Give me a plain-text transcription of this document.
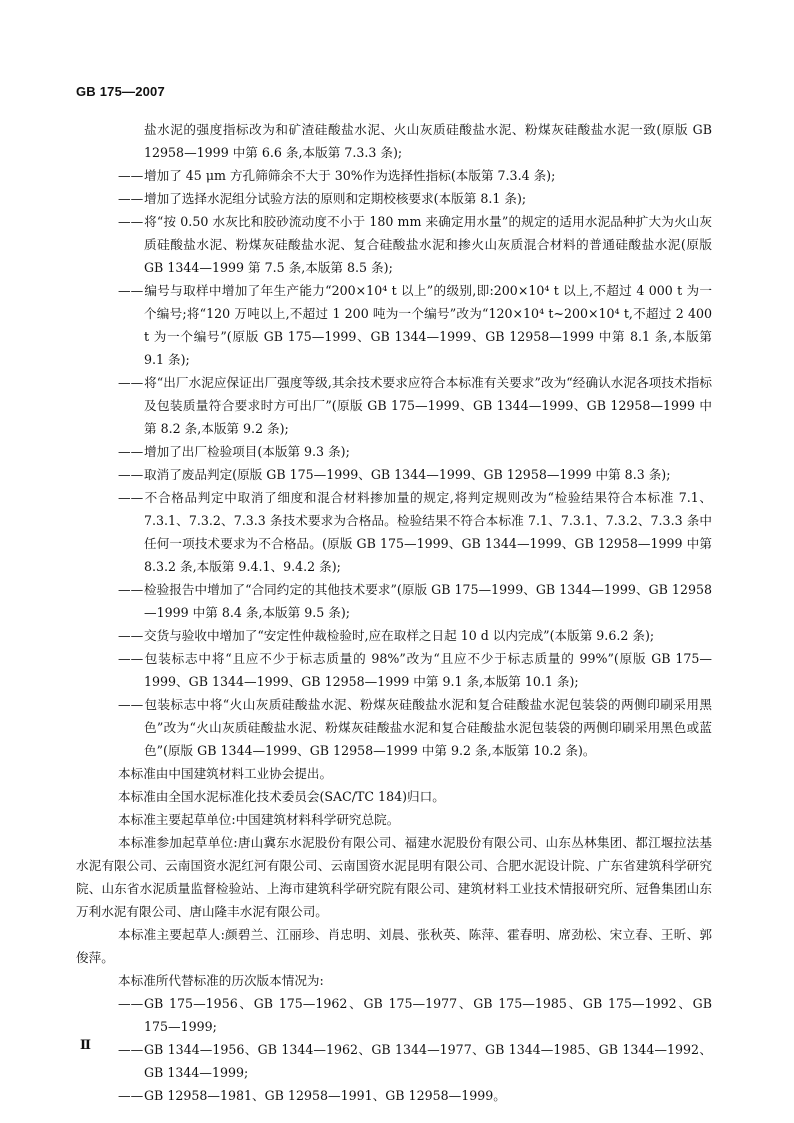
GB 175—2007

盐水泥的强度指标改为和矿渣硅酸盐水泥、火山灰质硅酸盐水泥、粉煤灰硅酸盐水泥一致(原版 GB 12958—1999 中第 6.6 条,本版第 7.3.3 条);

——增加了 45 μm 方孔筛筛余不大于 30%作为选择性指标(本版第 7.3.4 条);

——增加了选择水泥组分试验方法的原则和定期校核要求(本版第 8.1 条);

——将“按 0.50 水灰比和胶砂流动度不小于 180 mm 来确定用水量”的规定的适用水泥品种扩大为火山灰质硅酸盐水泥、粉煤灰硅酸盐水泥、复合硅酸盐水泥和掺火山灰质混合材料的普通硅酸盐水泥(原版 GB 1344—1999 第 7.5 条,本版第 8.5 条);

——编号与取样中增加了年生产能力“200×10⁴ t 以上”的级别,即:200×10⁴ t 以上,不超过 4 000 t 为一个编号;将“120 万吨以上,不超过 1 200 吨为一个编号”改为“120×10⁴ t~200×10⁴ t,不超过 2 400 t 为一个编号”(原版 GB 175—1999、GB 1344—1999、GB 12958—1999 中第 8.1 条,本版第 9.1 条);

——将“出厂水泥应保证出厂强度等级,其余技术要求应符合本标准有关要求”改为“经确认水泥各项技术指标及包装质量符合要求时方可出厂”(原版 GB 175—1999、GB 1344—1999、GB 12958—1999 中第 8.2 条,本版第 9.2 条);

——增加了出厂检验项目(本版第 9.3 条);

——取消了废品判定(原版 GB 175—1999、GB 1344—1999、GB 12958—1999 中第 8.3 条);

——不合格品判定中取消了细度和混合材料掺加量的规定,将判定规则改为“检验结果符合本标准 7.1、7.3.1、7.3.2、7.3.3 条技术要求为合格品。检验结果不符合本标准 7.1、7.3.1、7.3.2、7.3.3 条中任何一项技术要求为不合格品。(原版 GB 175—1999、GB 1344—1999、GB 12958—1999 中第 8.3.2 条,本版第 9.4.1、9.4.2 条);

——检验报告中增加了“合同约定的其他技术要求”(原版 GB 175—1999、GB 1344—1999、GB 12958—1999 中第 8.4 条,本版第 9.5 条);

——交货与验收中增加了“安定性仲裁检验时,应在取样之日起 10 d 以内完成”(本版第 9.6.2 条);

——包装标志中将“且应不少于标志质量的 98%”改为“且应不少于标志质量的 99%”(原版 GB 175—1999、GB 1344—1999、GB 12958—1999 中第 9.1 条,本版第 10.1 条);

——包装标志中将“火山灰质硅酸盐水泥、粉煤灰硅酸盐水泥和复合硅酸盐水泥包装袋的两侧印刷采用黑色”改为“火山灰质硅酸盐水泥、粉煤灰硅酸盐水泥和复合硅酸盐水泥包装袋的两侧印刷采用黑色或蓝色”(原版 GB 1344—1999、GB 12958—1999 中第 9.2 条,本版第 10.2 条)。

本标准由中国建筑材料工业协会提出。

本标准由全国水泥标准化技术委员会(SAC/TC 184)归口。

本标准主要起草单位:中国建筑材料科学研究总院。

本标准参加起草单位:唐山冀东水泥股份有限公司、福建水泥股份有限公司、山东丛林集团、都江堰拉法基水泥有限公司、云南国资水泥红河有限公司、云南国资水泥昆明有限公司、合肥水泥设计院、广东省建筑科学研究院、山东省水泥质量监督检验站、上海市建筑科学研究院有限公司、建筑材料工业技术情报研究所、冠鲁集团山东万利水泥有限公司、唐山隆丰水泥有限公司。

本标准主要起草人:颜碧兰、江丽珍、肖忠明、刘晨、张秋英、陈萍、霍春明、席劲松、宋立春、王昕、郭俊萍。

本标准所代替标准的历次版本情况为:

——GB 175—1956、GB 175—1962、GB 175—1977、GB 175—1985、GB 175—1992、GB 175—1999;

——GB 1344—1956、GB 1344—1962、GB 1344—1977、GB 1344—1985、GB 1344—1992、GB 1344—1999;

——GB 12958—1981、GB 12958—1991、GB 12958—1999。

Ⅱ
